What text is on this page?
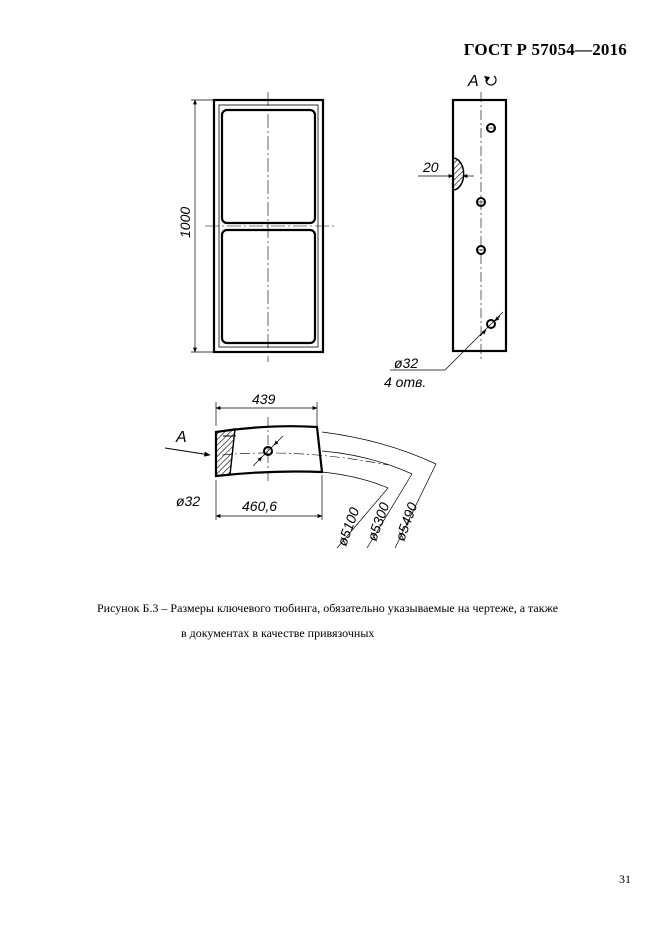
ГОСТ Р 57054—2016
1000
A
20
ø32
4 отв.
439
ø5100 ø5300 ø5490
A
ø32	460,6
Рисунок Б.3 – Размеры ключевого тюбинга, обязательно указываемые на чертеже, а также
в документах в качестве привязочных
31
